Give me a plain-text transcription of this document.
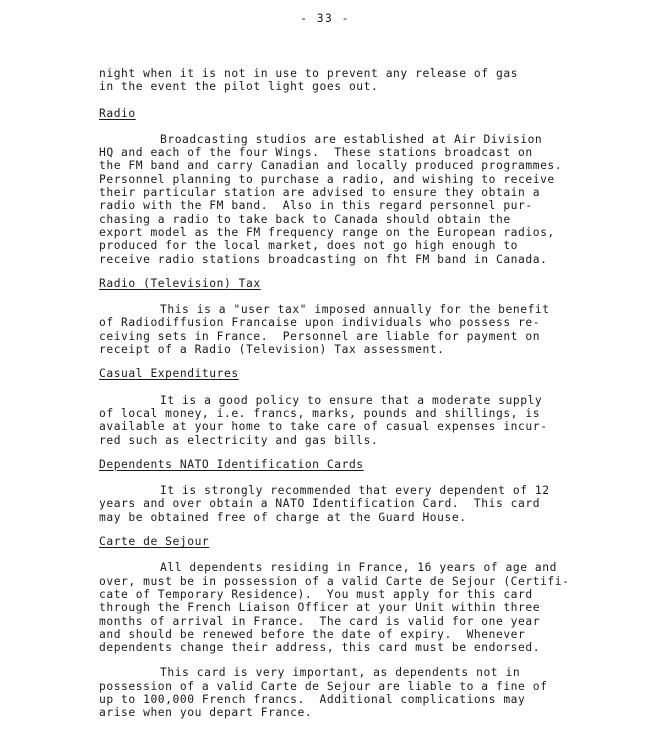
- 33 -
night when it is not in use to prevent any release of gas
in the event the pilot light goes out.
Radio
Broadcasting studios are established at Air Division
HQ and each of the four Wings.  These stations broadcast on
the FM band and carry Canadian and locally produced programmes.
Personnel planning to purchase a radio, and wishing to receive
their particular station are advised to ensure they obtain a
radio with the FM band.  Also in this regard personnel pur-
chasing a radio to take back to Canada should obtain the
export model as the FM frequency range on the European radios,
produced for the local market, does not go high enough to
receive radio stations broadcasting on fht FM band in Canada.
Radio (Television) Tax
This is a "user tax" imposed annually for the benefit
of Radiodiffusion Francaise upon individuals who possess re-
ceiving sets in France.  Personnel are liable for payment on
receipt of a Radio (Television) Tax assessment.
Casual Expenditures
It is a good policy to ensure that a moderate supply
of local money, i.e. francs, marks, pounds and shillings, is
available at your home to take care of casual expenses incur-
red such as electricity and gas bills.
Dependents NATO Identification Cards
It is strongly recommended that every dependent of 12
years and over obtain a NATO Identification Card.  This card
may be obtained free of charge at the Guard House.
Carte de Sejour
All dependents residing in France, 16 years of age and
over, must be in possession of a valid Carte de Sejour (Certifi-
cate of Temporary Residence).  You must apply for this card
through the French Liaison Officer at your Unit within three
months of arrival in France.  The card is valid for one year
and should be renewed before the date of expiry.  Whenever
dependents change their address, this card must be endorsed.
This card is very important, as dependents not in
possession of a valid Carte de Sejour are liable to a fine of
up to 100,000 French francs.  Additional complications may
arise when you depart France.
